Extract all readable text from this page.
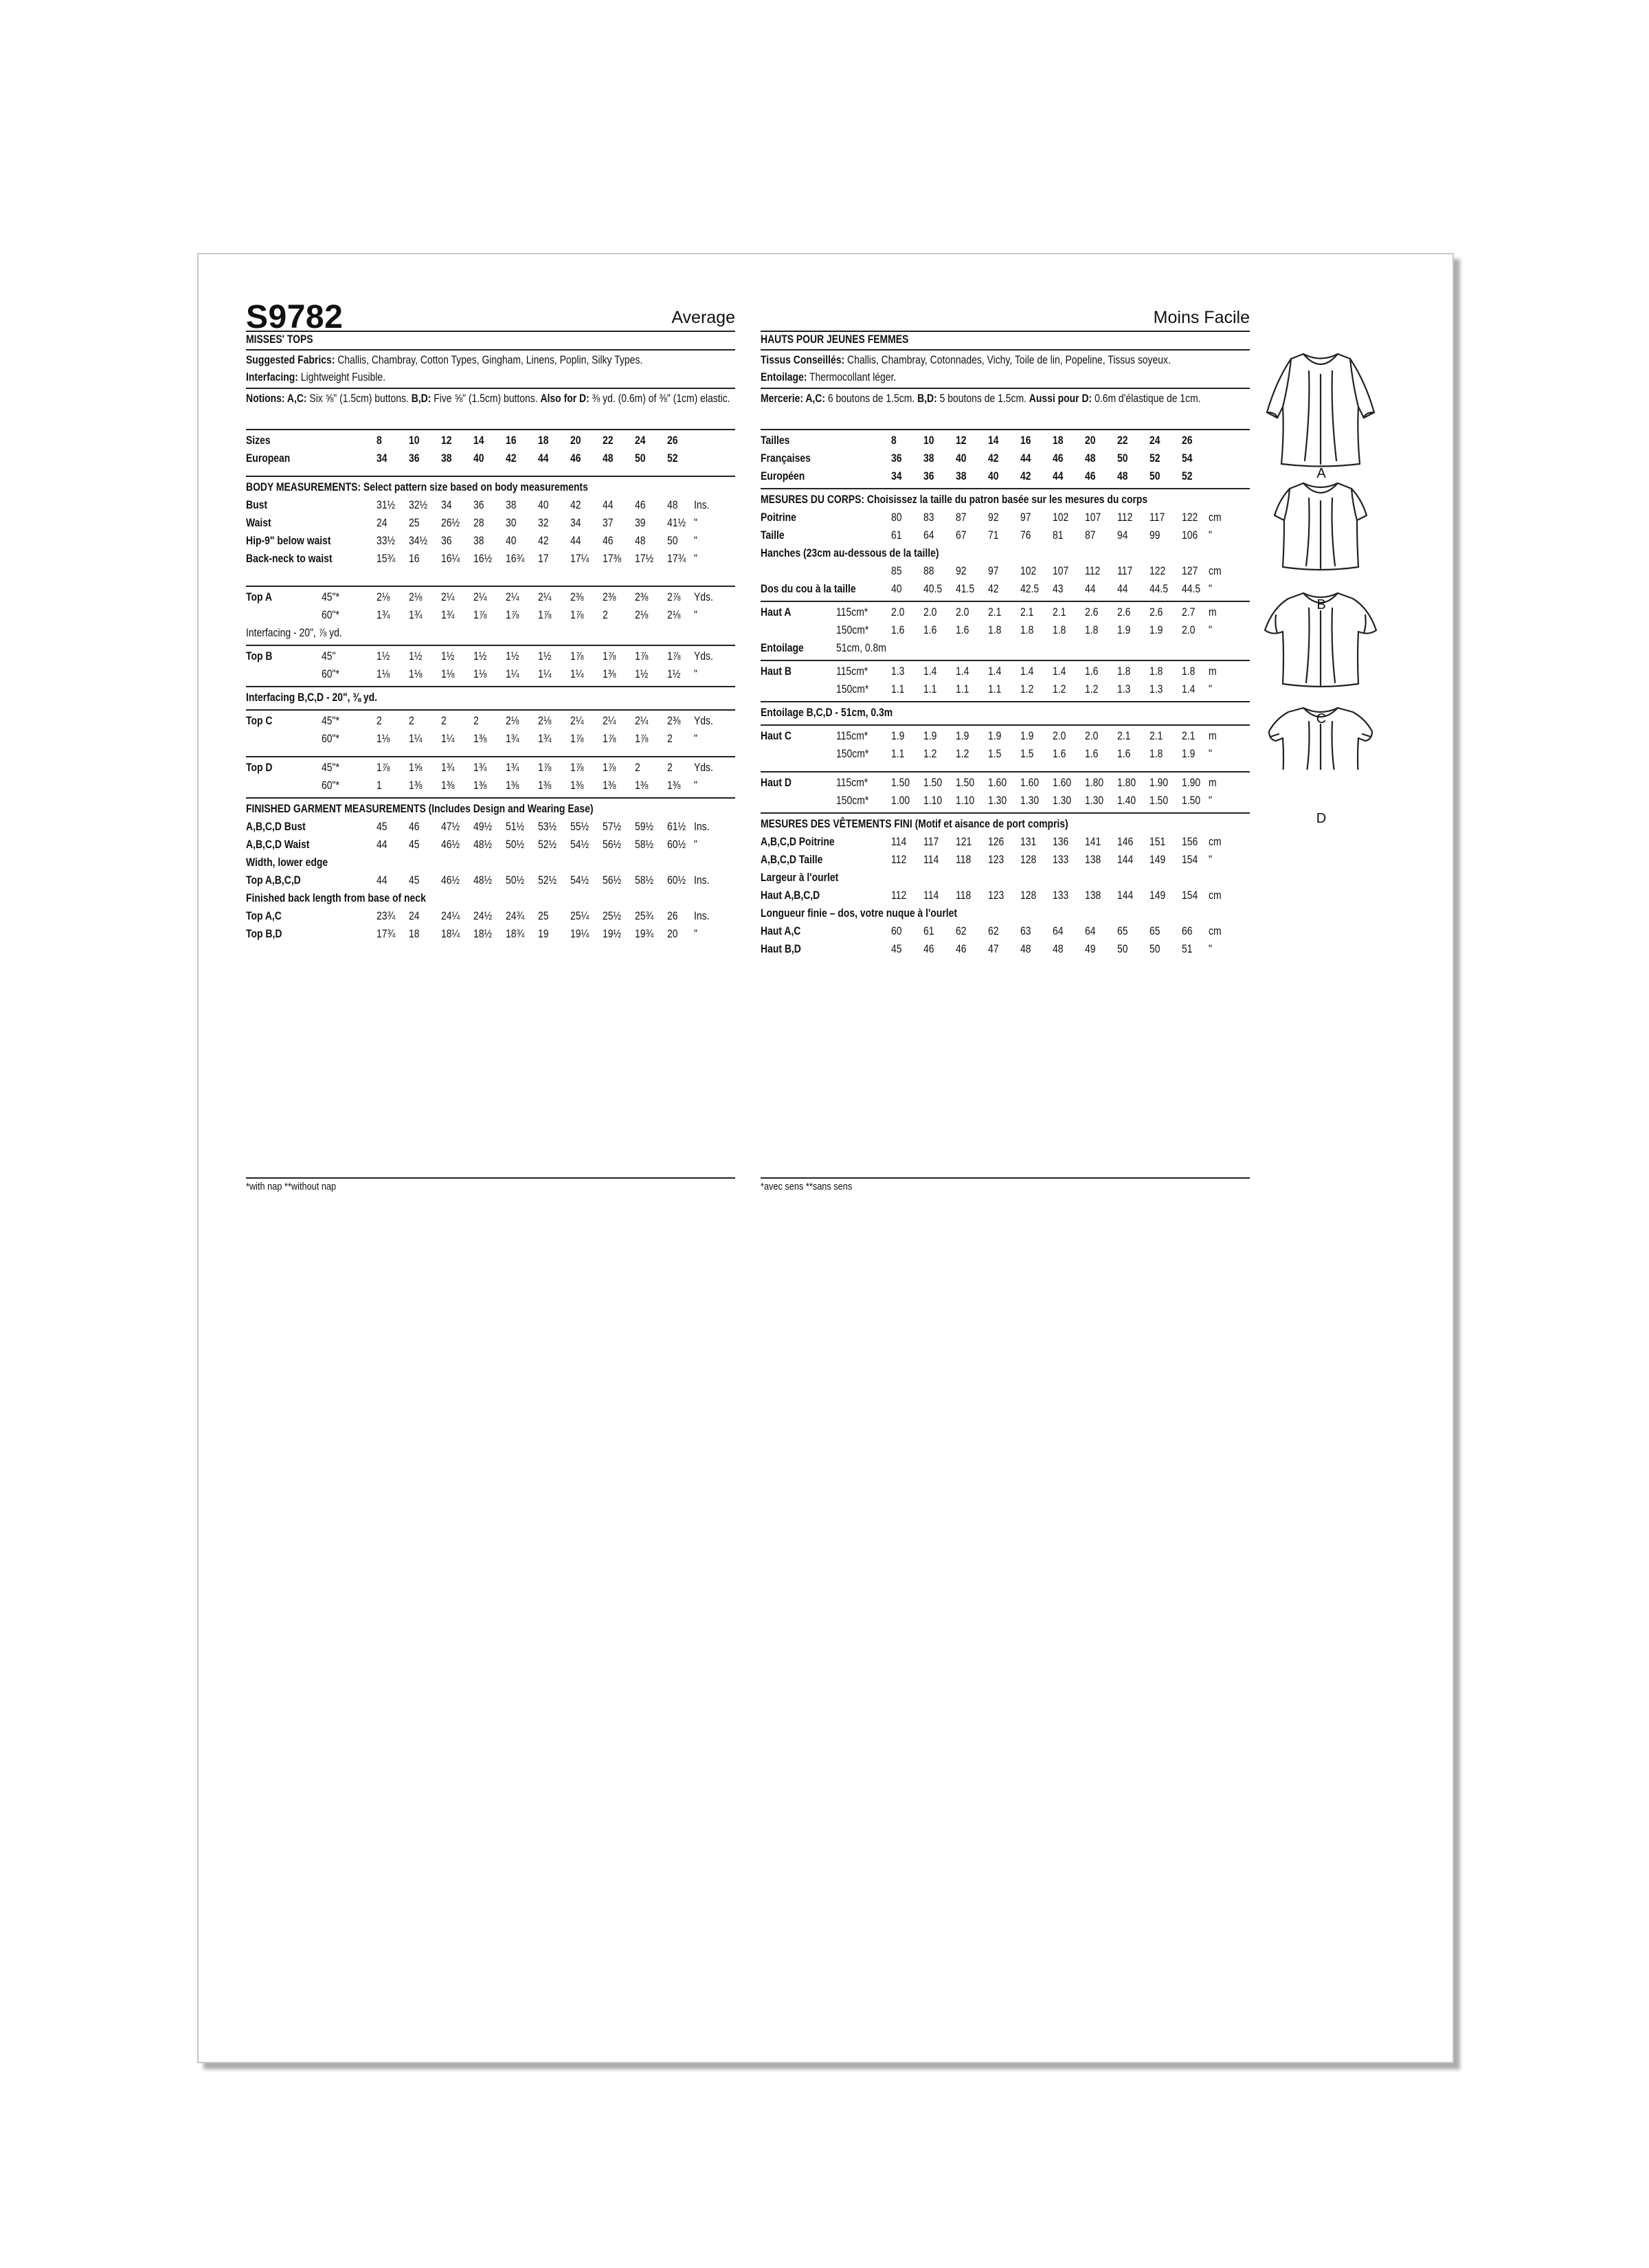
S9782	Average
MISSES' TOPS
Suggested Fabrics: Challis, Chambray, Cotton Types, Gingham, Linens, Poplin, Silky Types.
Interfacing: Lightweight Fusible.
Notions: A,C: Six ⅝" (1.5cm) buttons. B,D: Five ⅝" (1.5cm) buttons. Also for D: ⅜ yd. (0.6m) of ⅜" (1cm) elastic.
Sizes	8 10 12 14 16 18 20 22 24 26
European	34 36 38 40 42 44 46 48 50 52
BODY MEASUREMENTS: Select pattern size based on body measurements
Bust	31½ 32½ 34 36 38 40 42 44 46 48 Ins.
Waist	24 25 26½ 28 30 32 34 37 39 41½ "
Hip-9" below waist	33½ 34½ 36 38 40 42 44 46 48 50 "
Back-neck to waist	15¾ 16 16¼ 16½ 16¾ 17 17¼ 17⅜ 17½ 17¾ "
Top A	45"*	2⅛ 2⅛ 2¼ 2¼ 2¼ 2¼ 2⅜ 2⅜ 2⅜ 2⅞ Yds.
60"*	1¾ 1¾ 1¾ 1⅞ 1⅞ 1⅞ 1⅞ 2 2⅛ 2⅛ "
Interfacing - 20", ⅞ yd.
Top B	45"	1½ 1½ 1½ 1½ 1½ 1½ 1⅞ 1⅞ 1⅞ 1⅞ Yds.
60"*	1⅛ 1⅛ 1⅛ 1⅛ 1¼ 1¼ 1¼ 1⅜ 1½ 1½ "
Interfacing B,C,D - 20", ⅜ yd.
Top C	45"*	2 2 2 2 2⅛ 2⅛ 2¼ 2¼ 2¼ 2⅜ Yds.
60"*	1⅛ 1¼ 1¼ 1⅜ 1¾ 1¾ 1⅞ 1⅞ 1⅞ 2 "
Top D	45"*	1⅞ 1⅝ 1¾ 1¾ 1¾ 1⅞ 1⅞ 1⅞ 2 2 Yds.
60"*	1 1⅜ 1⅜ 1⅜ 1⅜ 1⅜ 1⅜ 1⅜ 1⅜ 1⅜ "
FINISHED GARMENT MEASUREMENTS (Includes Design and Wearing Ease)
A,B,C,D Bust	45 46 47½ 49½ 51½ 53½ 55½ 57½ 59½ 61½ Ins.
A,B,C,D Waist	44 45 46½ 48½ 50½ 52½ 54½ 56½ 58½ 60½ "
Width, lower edge
Top A,B,C,D	44 45 46½ 48½ 50½ 52½ 54½ 56½ 58½ 60½ Ins.
Finished back length from base of neck
Top A,C	23¾ 24 24¼ 24½ 24¾ 25 25¼ 25½ 25¾ 26 Ins.
Top B,D	17¾ 18 18¼ 18½ 18¾ 19 19¼ 19½ 19¾ 20 "
*with nap **without nap
Moins Facile
HAUTS POUR JEUNES FEMMES
Tissus Conseillés: Challis, Chambray, Cotonnades, Vichy, Toile de lin, Popeline, Tissus soyeux.
Entoilage: Thermocollant léger.
Mercerie: A,C: 6 boutons de 1.5cm. B,D: 5 boutons de 1.5cm. Aussi pour D: 0.6m d'élastique de 1cm.
Tailles	8 10 12 14 16 18 20 22 24 26
Françaises	36 38 40 42 44 46 48 50 52 54
Européen	34 36 38 40 42 44 46 48 50 52
MESURES DU CORPS: Choisissez la taille du patron basée sur les mesures du corps
Poitrine	80 83 87 92 97 102 107 112 117 122 cm
Taille	61 64 67 71 76 81 87 94 99 106 "
Hanches (23cm au-dessous de la taille)
85 88 92 97 102 107 112 117 122 127 cm
Dos du cou à la taille	40 40.5 41.5 42 42.5 43 44 44 44.5 44.5 "
Haut A	115cm* 2.0 2.0 2.0 2.1 2.1 2.1 2.6 2.6 2.6 2.7 m
150cm* 1.6 1.6 1.6 1.8 1.8 1.8 1.8 1.9 1.9 2.0 "
Entoilage	51cm, 0.8m
Haut B	115cm* 1.3 1.4 1.4 1.4 1.4 1.4 1.6 1.8 1.8 1.8 m
150cm* 1.1 1.1 1.1 1.1 1.2 1.2 1.2 1.3 1.3 1.4 "
Entoilage B,C,D - 51cm, 0.3m
Haut C	115cm* 1.9 1.9 1.9 1.9 1.9 2.0 2.0 2.1 2.1 2.1 m
150cm* 1.1 1.2 1.2 1.5 1.5 1.6 1.6 1.6 1.8 1.9 "
Haut D	115cm* 1.50 1.50 1.50 1.60 1.60 1.60 1.80 1.80 1.90 1.90 m
150cm* 1.00 1.10 1.10 1.30 1.30 1.30 1.30 1.40 1.50 1.50 "
MESURES DES VÊTEMENTS FINI (Motif et aisance de port compris)
A,B,C,D Poitrine	114 117 121 126 131 136 141 146 151 156 cm
A,B,C,D Taille	112 114 118 123 128 133 138 144 149 154 "
Largeur à l'ourlet
Haut A,B,C,D	112 114 118 123 128 133 138 144 149 154 cm
Longueur finie – dos, votre nuque à l'ourlet
Haut A,C	60 61 62 62 63 64 64 65 65 66 cm
Haut B,D	45 46 46 47 48 48 49 50 50 51 "
*avec sens **sans sens
A
B
C
D
